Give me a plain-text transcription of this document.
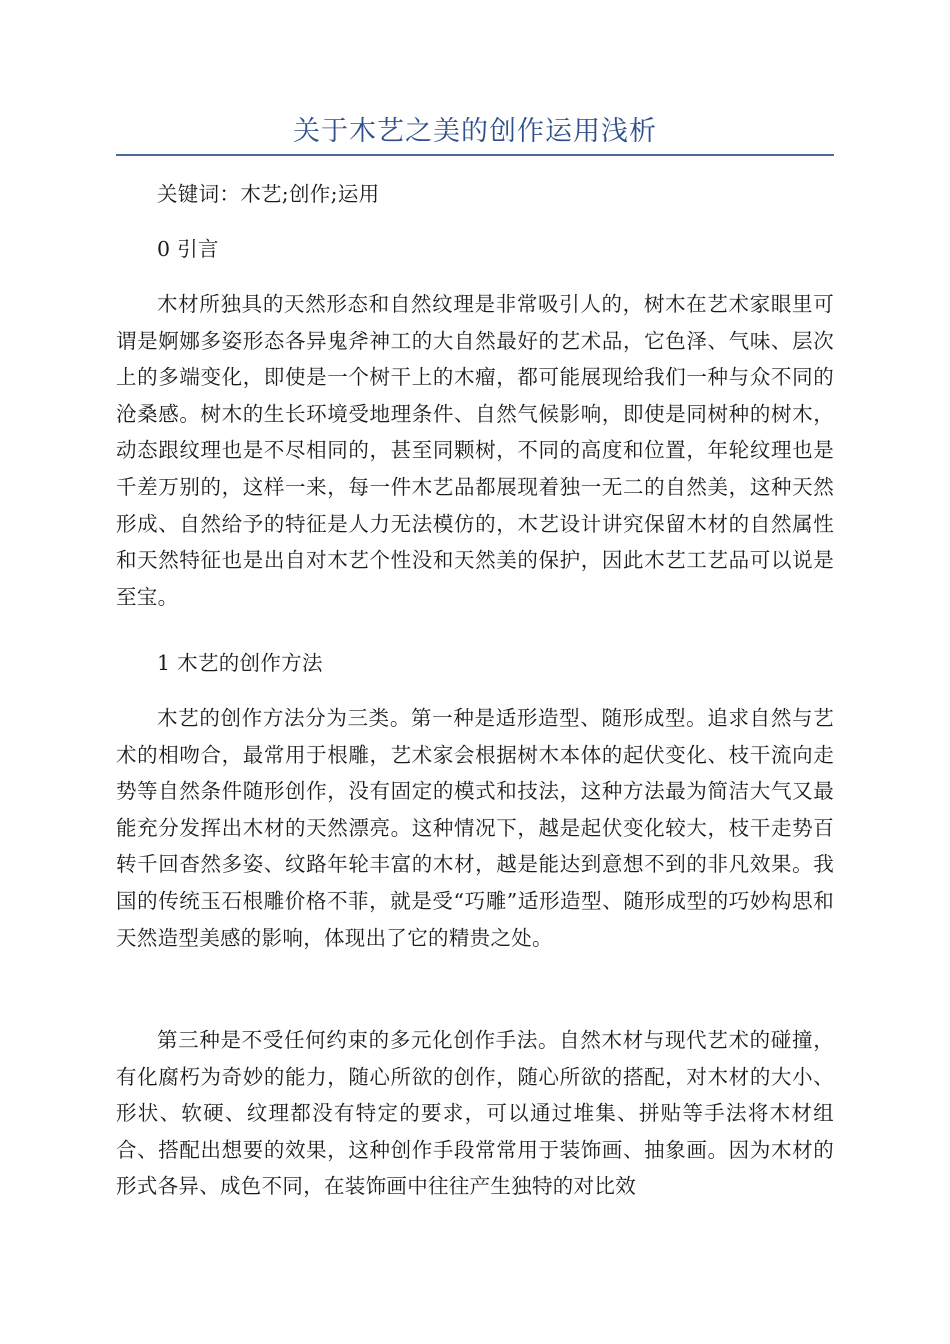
关于木艺之美的创作运用浅析
关键词：木艺;创作;运用
0 引言
木材所独具的天然形态和自然纹理是非常吸引人的，树木在艺术家眼里可谓是婀娜多姿形态各异鬼斧神工的大自然最好的艺术品，它色泽、气味、层次上的多端变化，即使是一个树干上的木瘤，都可能展现给我们一种与众不同的沧桑感。树木的生长环境受地理条件、自然气候影响，即使是同树种的树木，动态跟纹理也是不尽相同的，甚至同颗树，不同的高度和位置，年轮纹理也是千差万别的，这样一来，每一件木艺品都展现着独一无二的自然美，这种天然形成、自然给予的特征是人力无法模仿的，木艺设计讲究保留木材的自然属性和天然特征也是出自对木艺个性没和天然美的保护，因此木艺工艺品可以说是至宝。
1 木艺的创作方法
木艺的创作方法分为三类。第一种是适形造型、随形成型。追求自然与艺术的相吻合，最常用于根雕，艺术家会根据树木本体的起伏变化、枝干流向走势等自然条件随形创作，没有固定的模式和技法，这种方法最为简洁大气又最能充分发挥出木材的天然漂亮。这种情况下，越是起伏变化较大，枝干走势百转千回杳然多姿、纹路年轮丰富的木材，越是能达到意想不到的非凡效果。我国的传统玉石根雕价格不菲，就是受“巧雕”适形造型、随形成型的巧妙构思和天然造型美感的影响，体现出了它的精贵之处。
第三种是不受任何约束的多元化创作手法。自然木材与现代艺术的碰撞，有化腐朽为奇妙的能力，随心所欲的创作，随心所欲的搭配，对木材的大小、形状、软硬、纹理都没有特定的要求，可以通过堆集、拼贴等手法将木材组合、搭配出想要的效果，这种创作手段常常用于装饰画、抽象画。因为木材的形式各异、成色不同，在装饰画中往往产生独特的对比效
